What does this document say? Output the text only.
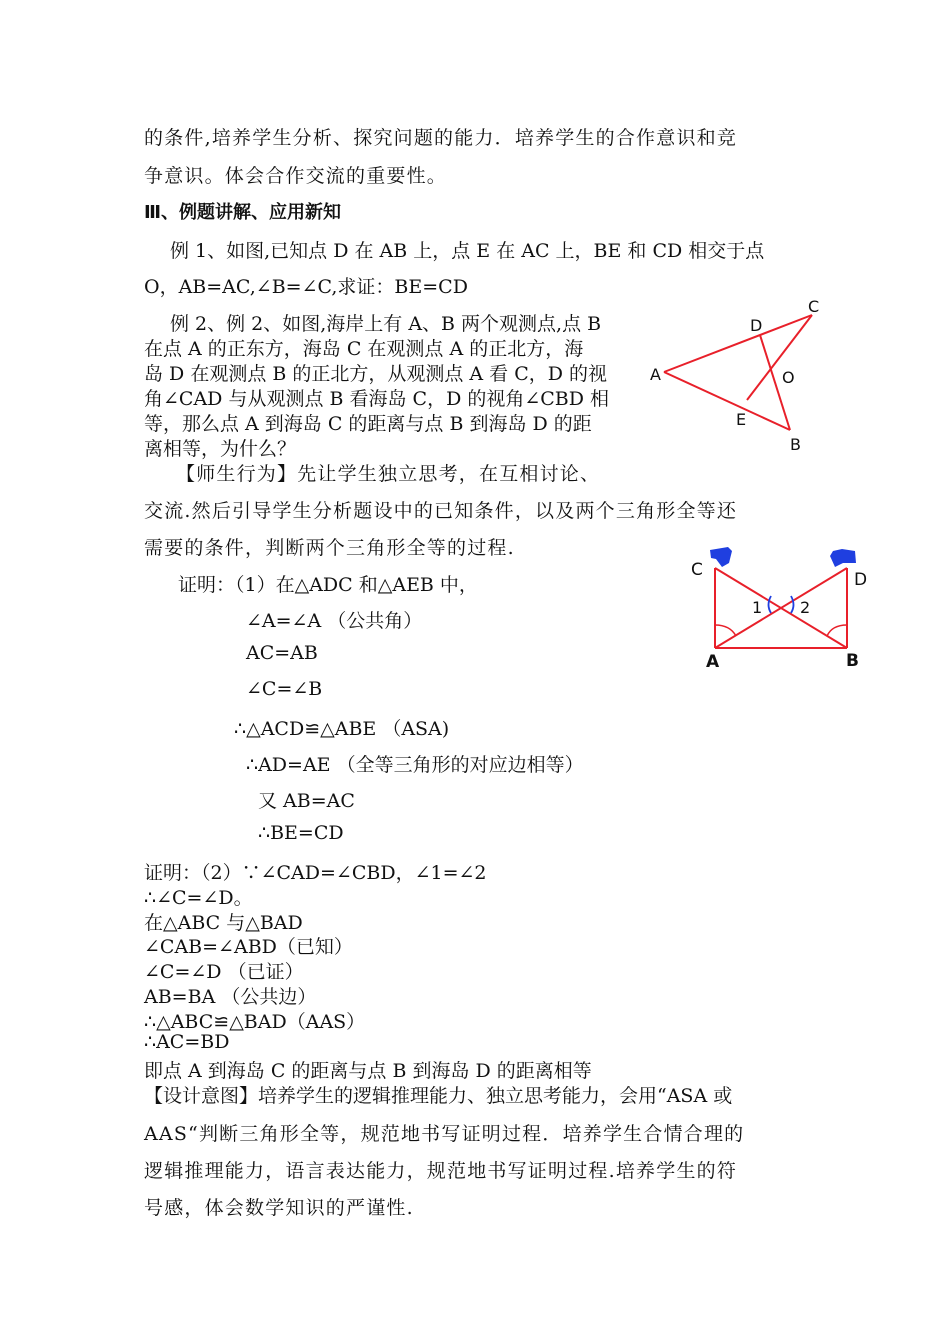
的条件,培养学生分析、探究问题的能力．培养学生的合作意识和竞
争意识。体会合作交流的重要性。
Ⅲ、例题讲解、应用新知
例 1、如图,已知点 D 在 AB 上，点 E 在 AC 上，BE 和 CD 相交于点
O，AB=AC,∠B=∠C,求证：BE=CD
例 2、例 2、如图,海岸上有 A、B 两个观测点,点 B
在点 A 的正东方，海岛 C 在观测点 A 的正北方，海
岛 D 在观测点 B 的正北方，从观测点 A 看 C，D 的视
角∠CAD 与从观测点 B 看海岛 C，D 的视角∠CBD 相
等，那么点 A 到海岛 C 的距离与点 B 到海岛 D 的距
离相等，为什么？
A
C
D
O
E
B
【师生行为】先让学生独立思考，在互相讨论、
交流.然后引导学生分析题设中的已知条件，以及两个三角形全等还
需要的条件，判断两个三角形全等的过程.
C	D
A	B
1 2
证明：（1）在△ADC 和△AEB 中，
∠A=∠A （公共角）
AC=AB
∠C=∠B
∴△ACD≌△ABE （ASA)
∴AD=AE （全等三角形的对应边相等）
又 AB=AC
∴BE=CD
证明：（2）∵∠CAD=∠CBD，∠1=∠2
∴∠C=∠D。
在△ABC 与△BAD
∠CAB=∠ABD（已知）
∠C=∠D （已证）
AB=BA （公共边）
∴△ABC≌△BAD（AAS）
∴AC=BD
即点 A 到海岛 C 的距离与点 B 到海岛 D 的距离相等
【设计意图】培养学生的逻辑推理能力、独立思考能力，会用“ASA 或
AAS“判断三角形全等，规范地书写证明过程．培养学生合情合理的
逻辑推理能力，语言表达能力，规范地书写证明过程.培养学生的符
号感，体会数学知识的严谨性.
